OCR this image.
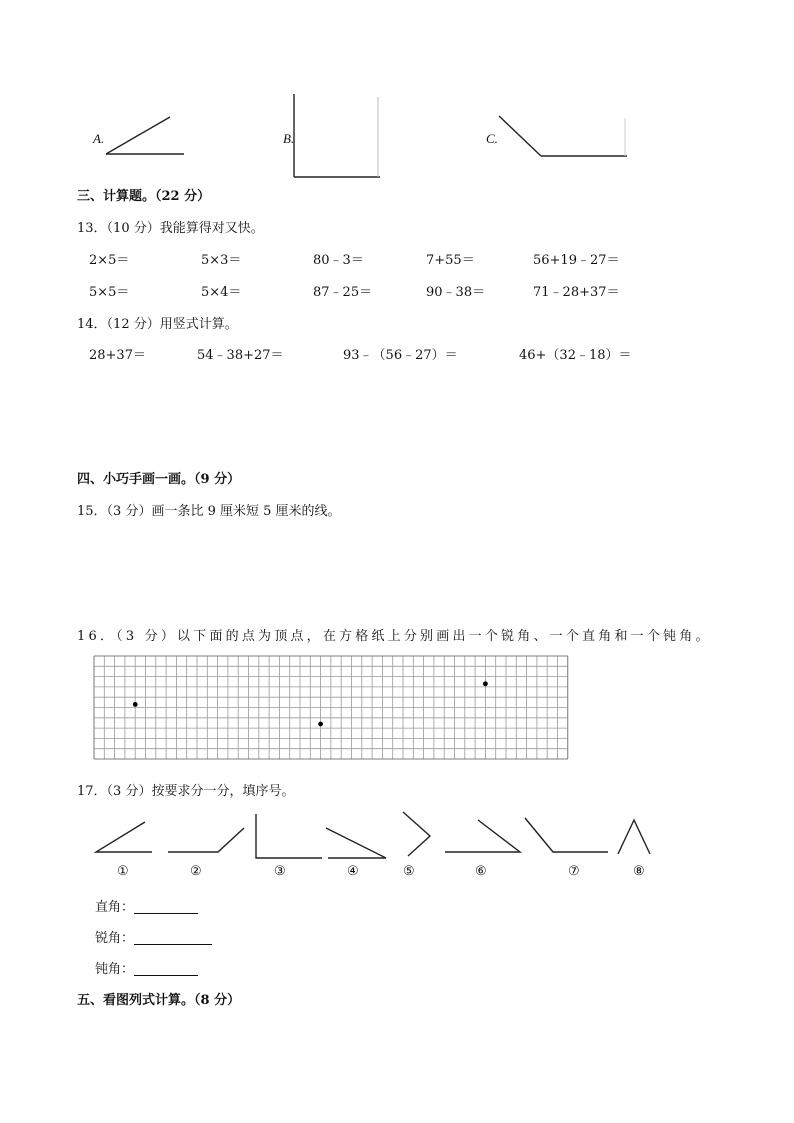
A.	B.	C.
三、计算题。（22 分）
13．（10 分）我能算得对又快。
2×5＝	5×3＝	80﹣3＝	7+55＝	56+19﹣27＝
5×5＝	5×4＝	87﹣25＝	90﹣38＝	71﹣28+37＝
14．（12 分）用竖式计算。
28+37＝	54﹣38+27＝	93﹣（56﹣27）＝	46+（32﹣18）＝
四、小巧手画一画。（9 分）
15．（3 分）画一条比 9 厘米短 5 厘米的线。
16．（3 分）以下面的点为顶点，在方格纸上分别画出一个锐角、一个直角和一个钝角。
17．（3 分）按要求分一分，填序号。
①	②	③	④	⑤	⑥	⑦	⑧
直角：
锐角：
钝角：
五、看图列式计算。（8 分）
